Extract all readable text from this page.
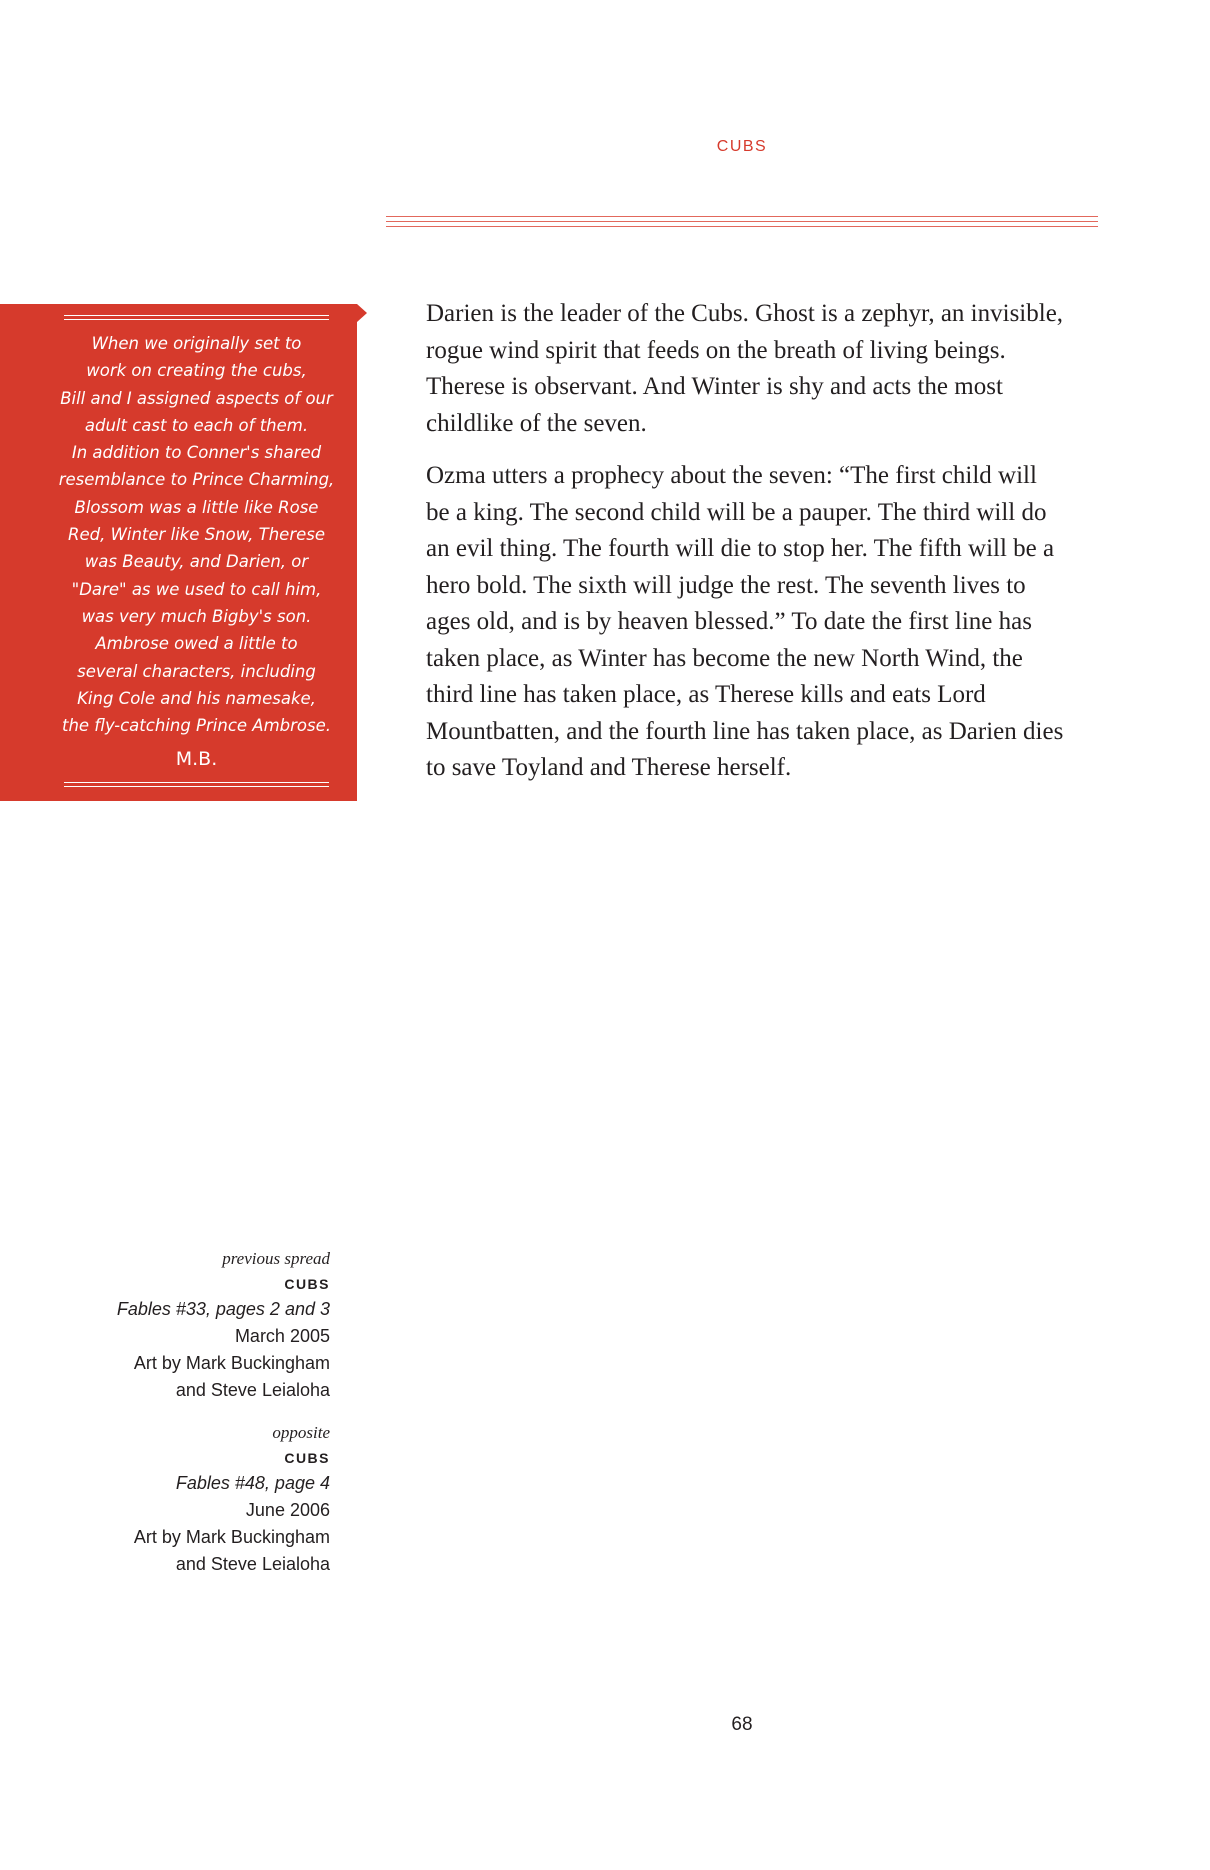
CUBS

When we originally set to
work on creating the cubs,
Bill and I assigned aspects of our
adult cast to each of them.
In addition to Conner's shared
resemblance to Prince Charming,
Blossom was a little like Rose
Red, Winter like Snow, Therese
was Beauty, and Darien, or
"Dare" as we used to call him,
was very much Bigby's son.
Ambrose owed a little to
several characters, including
King Cole and his namesake,
the fly-catching Prince Ambrose.

M.B.

Darien is the leader of the Cubs. Ghost is a zephyr, an invisible, rogue wind spirit that feeds on the breath of living beings. Therese is observant. And Winter is shy and acts the most childlike of the seven.

Ozma utters a prophecy about the seven: “The first child will be a king. The second child will be a pauper. The third will do an evil thing. The fourth will die to stop her. The fifth will be a hero bold. The sixth will judge the rest. The seventh lives to ages old, and is by heaven blessed.” To date the first line has taken place, as Winter has become the new North Wind, the third line has taken place, as Therese kills and eats Lord Mountbatten, and the fourth line has taken place, as Darien dies to save Toyland and Therese herself.

previous spread
CUBS
Fables #33, pages 2 and 3
March 2005
Art by Mark Buckingham
and Steve Leialoha
opposite
CUBS
Fables #48, page 4
June 2006
Art by Mark Buckingham
and Steve Leialoha
68
